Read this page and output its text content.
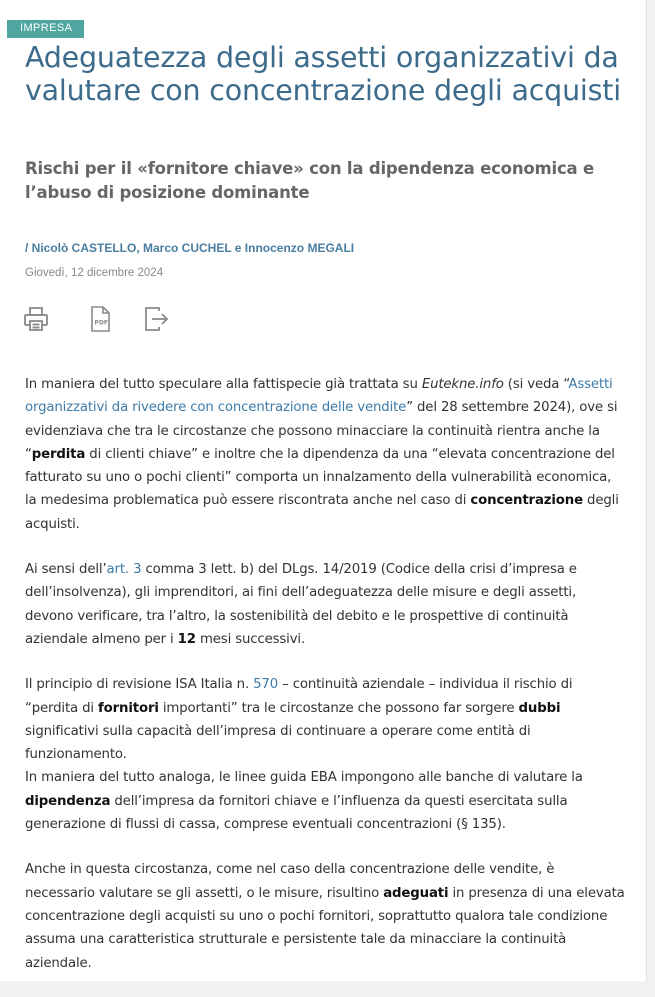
IMPRESA
Adeguatezza degli assetti organizzativi da valutare con concentrazione degli acquisti
Rischi per il «fornitore chiave» con la dipendenza economica e l’abuso di posizione dominante
/ Nicolò CASTELLO, Marco CUCHEL e Innocenzo MEGALI
Giovedì, 12 dicembre 2024
PDF

In maniera del tutto speculare alla fattispecie già trattata su Eutekne.info (si veda “Assetti organizzativi da rivedere con concentrazione delle vendite” del 28 settembre 2024), ove si evidenziava che tra le circostanze che possono minacciare la continuità rientra anche la “perdita di clienti chiave” e inoltre che la dipendenza da una “elevata concentrazione del fatturato su uno o pochi clienti” comporta un innalzamento della vulnerabilità economica, la medesima problematica può essere riscontrata anche nel caso di concentrazione degli acquisti.

Ai sensi dell’art. 3 comma 3 lett. b) del DLgs. 14/2019 (Codice della crisi d’impresa e dell’insolvenza), gli imprenditori, ai fini dell’adeguatezza delle misure e degli assetti, devono verificare, tra l’altro, la sostenibilità del debito e le prospettive di continuità aziendale almeno per i 12 mesi successivi.

Il principio di revisione ISA Italia n. 570 – continuità aziendale – individua il rischio di “perdita di fornitori importanti” tra le circostanze che possono far sorgere dubbi significativi sulla capacità dell’impresa di continuare a operare come entità di funzionamento.
In maniera del tutto analoga, le linee guida EBA impongono alle banche di valutare la dipendenza dell’impresa da fornitori chiave e l’influenza da questi esercitata sulla generazione di flussi di cassa, comprese eventuali concentrazioni (§ 135).

Anche in questa circostanza, come nel caso della concentrazione delle vendite, è necessario valutare se gli assetti, o le misure, risultino adeguati in presenza di una elevata concentrazione degli acquisti su uno o pochi fornitori, soprattutto qualora tale condizione assuma una caratteristica strutturale e persistente tale da minacciare la continuità aziendale.
